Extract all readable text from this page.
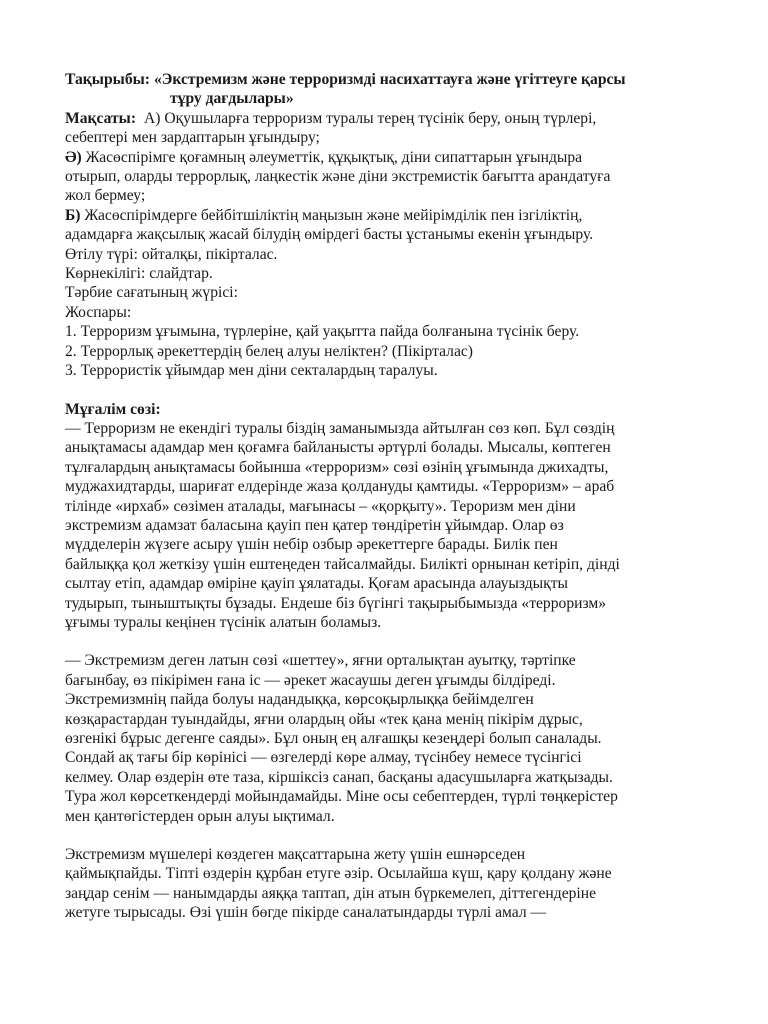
Тақырыбы: «Экстремизм және терроризмді насихаттауға және үгіттеуге қарсы
тұру дағдылары»
Мақсаты: А) Оқушыларға терроризм туралы терең түсінік беру, оның түрлері,
себептері мен зардаптарын ұғындыру;
Ә) Жасөспірімге қоғамның әлеуметтік, құқықтық, діни сипаттарын ұғындыра
отырып, оларды террорлық, лаңкестік және діни экстремистік бағытта арандатуға
жол бермеу;
Б) Жасөспірімдерге бейбітшіліктің маңызын және мейірімділік пен ізгіліктің,
адамдарға жақсылық жасай білудің өмірдегі басты ұстанымы екенін ұғындыру.
Өтілу түрі: ойталқы, пікірталас.
Көрнекілігі: слайдтар.
Тәрбие сағатының жүрісі:
Жоспары:
1. Терроризм ұғымына, түрлеріне, қай уақытта пайда болғанына түсінік беру.
2. Террорлық әрекеттердің белең алуы неліктен? (Пікірталас)
3. Террористік ұйымдар мен діни секталардың таралуы.
Мұғалім сөзі:
— Терроризм не екендігі туралы біздің заманымызда айтылған сөз көп. Бұл сөздің
анықтамасы адамдар мен қоғамға байланысты әртүрлі болады. Мысалы, көптеген
тұлғалардың анықтамасы бойынша «терроризм» сөзі өзінің ұғымында джихадты,
муджахидтарды, шариғат елдерінде жаза қолдануды қамтиды. «Терроризм» – араб
тілінде «ирхаб» сөзімен аталады, мағынасы – «қорқыту». Тероризм мен діни
экстремизм адамзат баласына қауіп пен қатер төндіретін ұйымдар. Олар өз
мүдделерін жүзеге асыру үшін небір озбыр әрекеттерге барады. Билік пен
байлыққа қол жеткізу үшін ештеңеден тайсалмайды. Билікті орнынан кетіріп, дінді
сылтау етіп, адамдар өміріне қауіп ұялатады. Қоғам арасында алауыздықты
тудырып, тыныштықты бұзады. Ендеше біз бүгінгі тақырыбымызда «терроризм»
ұғымы туралы кеңінен түсінік алатын боламыз.
— Экстремизм деген латын сөзі «шеттеу», яғни орталықтан ауытқу, тәртіпке
бағынбау, өз пікірімен ғана іс — әрекет жасаушы деген ұғымды білдіреді.
Экстремизмнің пайда болуы надандыққа, көрсоқырлыққа бейімделген
көзқарастардан туындайды, яғни олардың ойы «тек қана менің пікірім дұрыс,
өзгенікі бұрыс дегенге саяды». Бұл оның ең алғашқы кезеңдері болып саналады.
Сондай ақ тағы бір көрінісі — өзгелерді көре алмау, түсінбеу немесе түсінгісі
келмеу. Олар өздерін өте таза, кіршіксіз санап, басқаны адасушыларға жатқызады.
Тура жол көрсеткендерді мойындамайды. Міне осы себептерден, түрлі төңкерістер
мен қантөгістерден орын алуы ықтимал.
Экстремизм мүшелері көздеген мақсаттарына жету үшін ешнәрседен
қаймықпайды. Тіпті өздерін құрбан етуге әзір. Осылайша күш, қару қолдану және
заңдар сенім — нанымдарды аяққа таптап, дін атын бүркемелеп, діттегендеріне
жетуге тырысады. Өзі үшін бөгде пікірде саналатындарды түрлі амал —
